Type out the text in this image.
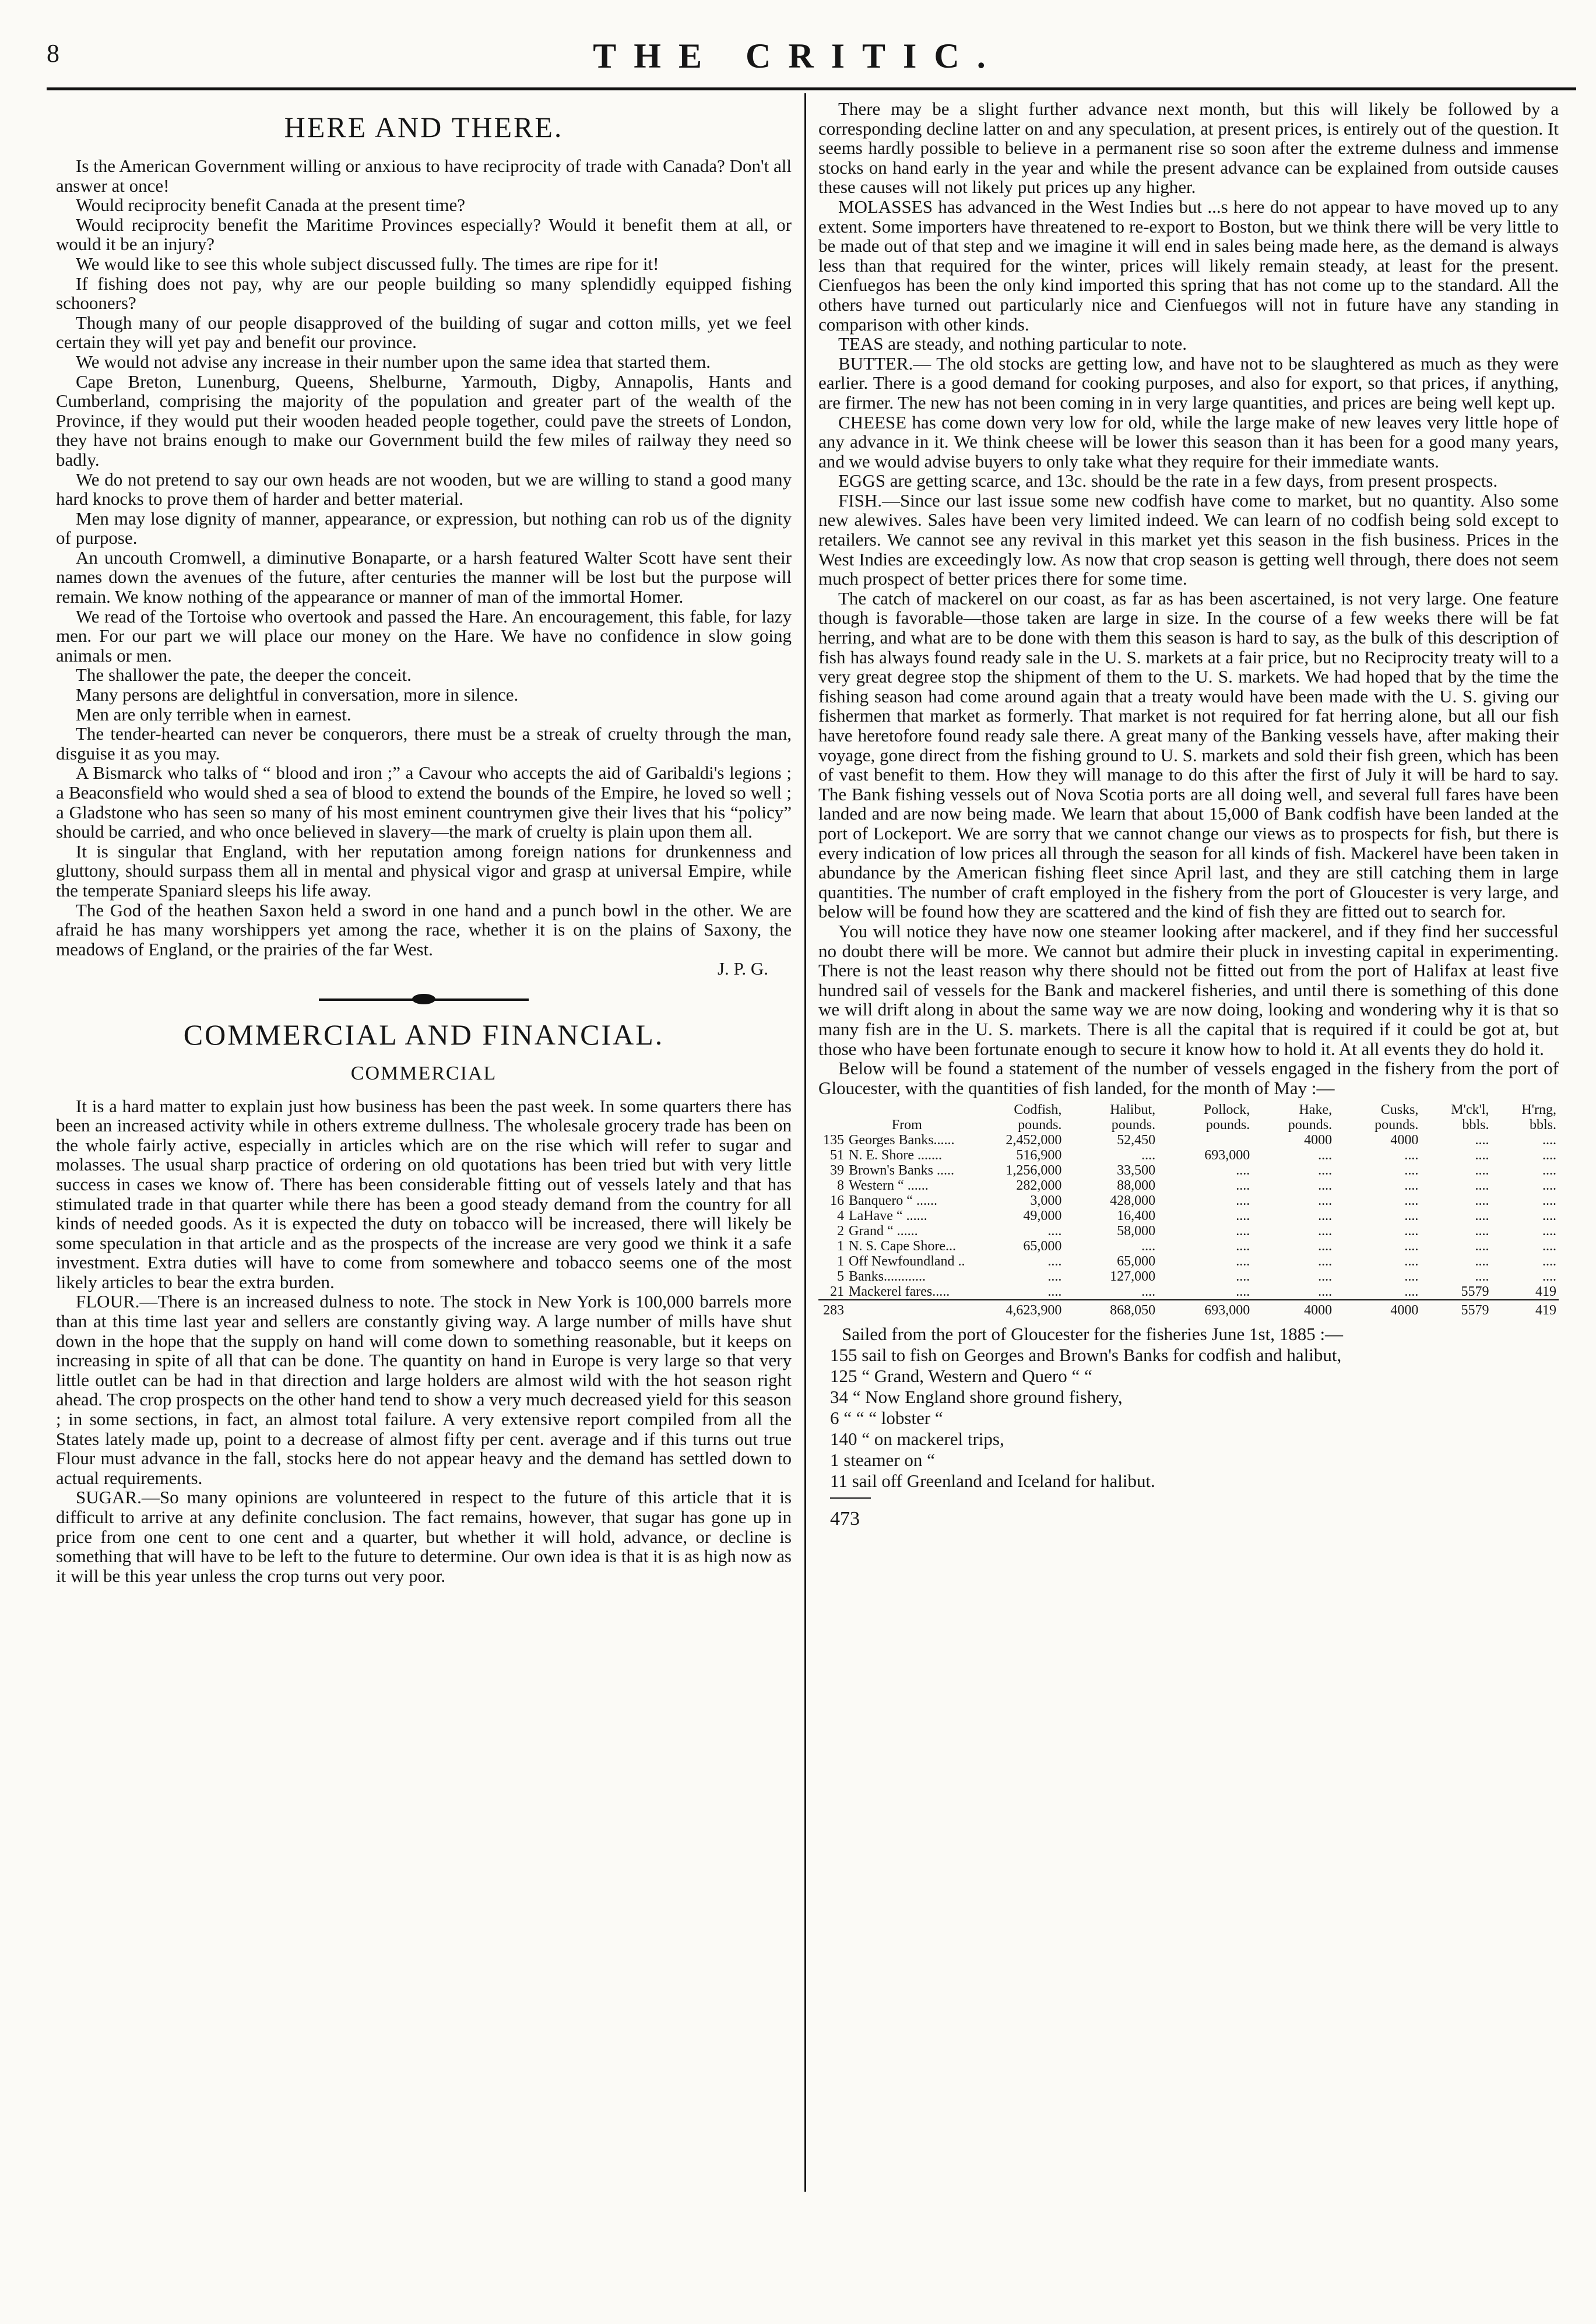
8	THE CRITIC.
HERE AND THERE.

Is the American Government willing or anxious to have reciprocity of trade with Canada? Don't all answer at once!

Would reciprocity benefit Canada at the present time?

Would reciprocity benefit the Maritime Provinces especially? Would it benefit them at all, or would it be an injury?

We would like to see this whole subject discussed fully. The times are ripe for it!

If fishing does not pay, why are our people building so many splendidly equipped fishing schooners?

Though many of our people disapproved of the building of sugar and cotton mills, yet we feel certain they will yet pay and benefit our province.

We would not advise any increase in their number upon the same idea that started them.

Cape Breton, Lunenburg, Queens, Shelburne, Yarmouth, Digby, Annapolis, Hants and Cumberland, comprising the majority of the population and greater part of the wealth of the Province, if they would put their wooden headed people together, could pave the streets of London, they have not brains enough to make our Government build the few miles of railway they need so badly.

We do not pretend to say our own heads are not wooden, but we are willing to stand a good many hard knocks to prove them of harder and better material.

Men may lose dignity of manner, appearance, or expression, but nothing can rob us of the dignity of purpose.

An uncouth Cromwell, a diminutive Bonaparte, or a harsh featured Walter Scott have sent their names down the avenues of the future, after centuries the manner will be lost but the purpose will remain. We know nothing of the appearance or manner of man of the immortal Homer.

We read of the Tortoise who overtook and passed the Hare. An encouragement, this fable, for lazy men. For our part we will place our money on the Hare. We have no confidence in slow going animals or men.

The shallower the pate, the deeper the conceit.

Many persons are delightful in conversation, more in silence.

Men are only terrible when in earnest.

The tender-hearted can never be conquerors, there must be a streak of cruelty through the man, disguise it as you may.

A Bismarck who talks of “ blood and iron ;” a Cavour who accepts the aid of Garibaldi's legions ; a Beaconsfield who would shed a sea of blood to extend the bounds of the Empire, he loved so well ; a Gladstone who has seen so many of his most eminent countrymen give their lives that his “policy” should be carried, and who once believed in slavery—the mark of cruelty is plain upon them all.

It is singular that England, with her reputation among foreign nations for drunkenness and gluttony, should surpass them all in mental and physical vigor and grasp at universal Empire, while the temperate Spaniard sleeps his life away.

The God of the heathen Saxon held a sword in one hand and a punch bowl in the other. We are afraid he has many worshippers yet among the race, whether it is on the plains of Saxony, the meadows of England, or the prairies of the far West.

J. P. G.
COMMERCIAL AND FINANCIAL.
COMMERCIAL

It is a hard matter to explain just how business has been the past week. In some quarters there has been an increased activity while in others extreme dullness. The wholesale grocery trade has been on the whole fairly active, especially in articles which are on the rise which will refer to sugar and molasses. The usual sharp practice of ordering on old quotations has been tried but with very little success in cases we know of. There has been considerable fitting out of vessels lately and that has stimulated trade in that quarter while there has been a good steady demand from the country for all kinds of needed goods. As it is expected the duty on tobacco will be increased, there will likely be some speculation in that article and as the prospects of the increase are very good we think it a safe investment. Extra duties will have to come from somewhere and tobacco seems one of the most likely articles to bear the extra burden.

FLOUR.—There is an increased dulness to note. The stock in New York is 100,000 barrels more than at this time last year and sellers are constantly giving way. A large number of mills have shut down in the hope that the supply on hand will come down to something reasonable, but it keeps on increasing in spite of all that can be done. The quantity on hand in Europe is very large so that very little outlet can be had in that direction and large holders are almost wild with the hot season right ahead. The crop prospects on the other hand tend to show a very much decreased yield for this season ; in some sections, in fact, an almost total failure. A very extensive report compiled from all the States lately made up, point to a decrease of almost fifty per cent. average and if this turns out true Flour must advance in the fall, stocks here do not appear heavy and the demand has settled down to actual requirements.

SUGAR.—So many opinions are volunteered in respect to the future of this article that it is difficult to arrive at any definite conclusion. The fact remains, however, that sugar has gone up in price from one cent to one cent and a quarter, but whether it will hold, advance, or decline is something that will have to be left to the future to determine. Our own idea is that it is as high now as it will be this year unless the crop turns out very poor.

There may be a slight further advance next month, but this will likely be followed by a corresponding decline latter on and any speculation, at present prices, is entirely out of the question. It seems hardly possible to believe in a permanent rise so soon after the extreme dulness and immense stocks on hand early in the year and while the present advance can be explained from outside causes these causes will not likely put prices up any higher.

MOLASSES has advanced in the West Indies but ...s here do not appear to have moved up to any extent. Some importers have threatened to re-export to Boston, but we think there will be very little to be made out of that step and we imagine it will end in sales being made here, as the demand is always less than that required for the winter, prices will likely remain steady, at least for the present. Cienfuegos has been the only kind imported this spring that has not come up to the standard. All the others have turned out particularly nice and Cienfuegos will not in future have any standing in comparison with other kinds.

TEAS are steady, and nothing particular to note.

BUTTER.— The old stocks are getting low, and have not to be slaughtered as much as they were earlier. There is a good demand for cooking purposes, and also for export, so that prices, if anything, are firmer. The new has not been coming in in very large quantities, and prices are being well kept up.

CHEESE has come down very low for old, while the large make of new leaves very little hope of any advance in it. We think cheese will be lower this season than it has been for a good many years, and we would advise buyers to only take what they require for their immediate wants.

EGGS are getting scarce, and 13c. should be the rate in a few days, from present prospects.

FISH.—Since our last issue some new codfish have come to market, but no quantity. Also some new alewives. Sales have been very limited indeed. We can learn of no codfish being sold except to retailers. We cannot see any revival in this market yet this season in the fish business. Prices in the West Indies are exceedingly low. As now that crop season is getting well through, there does not seem much prospect of better prices there for some time.

The catch of mackerel on our coast, as far as has been ascertained, is not very large. One feature though is favorable—those taken are large in size. In the course of a few weeks there will be fat herring, and what are to be done with them this season is hard to say, as the bulk of this description of fish has always found ready sale in the U. S. markets at a fair price, but no Reciprocity treaty will to a very great degree stop the shipment of them to the U. S. markets. We had hoped that by the time the fishing season had come around again that a treaty would have been made with the U. S. giving our fishermen that market as formerly. That market is not required for fat herring alone, but all our fish have heretofore found ready sale there. A great many of the Banking vessels have, after making their voyage, gone direct from the fishing ground to U. S. markets and sold their fish green, which has been of vast benefit to them. How they will manage to do this after the first of July it will be hard to say. The Bank fishing vessels out of Nova Scotia ports are all doing well, and several full fares have been landed and are now being made. We learn that about 15,000 of Bank codfish have been landed at the port of Lockeport. We are sorry that we cannot change our views as to prospects for fish, but there is every indication of low prices all through the season for all kinds of fish. Mackerel have been taken in abundance by the American fishing fleet since April last, and they are still catching them in large quantities. The number of craft employed in the fishery from the port of Gloucester is very large, and below will be found how they are scattered and the kind of fish they are fitted out to search for.

You will notice they have now one steamer looking after mackerel, and if they find her successful no doubt there will be more. We cannot but admire their pluck in investing capital in experimenting. There is not the least reason why there should not be fitted out from the port of Halifax at least five hundred sail of vessels for the Bank and mackerel fisheries, and until there is something of this done we will drift along in about the same way we are now doing, looking and wondering why it is that so many fish are in the U. S. markets. There is all the capital that is required if it could be got at, but those who have been fortunate enough to secure it know how to hold it. At all events they do hold it.

Below will be found a statement of the number of vessels engaged in the fishery from the port of Gloucester, with the quantities of fish landed, for the month of May :—

	From	Codfish, pounds.	Halibut, pounds.	Pollock, pounds.	Hake, pounds.	Cusks, pounds.	M'ck'l, bbls.	H'rng, bbls.
135	Georges Banks......	2,452,000	52,450		4000	4000	....	....
51	N. E. Shore .......	516,900	....	693,000	....	....	....	....
39	Brown's Banks .....	1,256,000	33,500	....	....	....	....	....
8	Western “ ......	282,000	88,000	....	....	....	....	....
16	Banquero “ ......	3,000	428,000	....	....	....	....	....
4	LaHave “ ......	49,000	16,400	....	....	....	....	....
2	Grand “ ......	....	58,000	....	....	....	....	....
1	N. S. Cape Shore...	65,000	....	....	....	....	....	....
1	Off Newfoundland ..	....	65,000	....	....	....	....	....
5	Banks............	....	127,000	....	....	....	....	....
21	Mackerel fares.....	....	....	....	....	....	5579	419
283		4,623,900	868,050	693,000	4000	4000	5579	419
Sailed from the port of Gloucester for the fisheries June 1st, 1885 :—
155 sail to fish on Georges and Brown's Banks for codfish and halibut,
125 “ Grand, Western and Quero “ “
34 “ Now England shore ground fishery,
6 “ “ “ lobster “
140 “ on mackerel trips,
1 steamer on “
11 sail off Greenland and Iceland for halibut.
473
